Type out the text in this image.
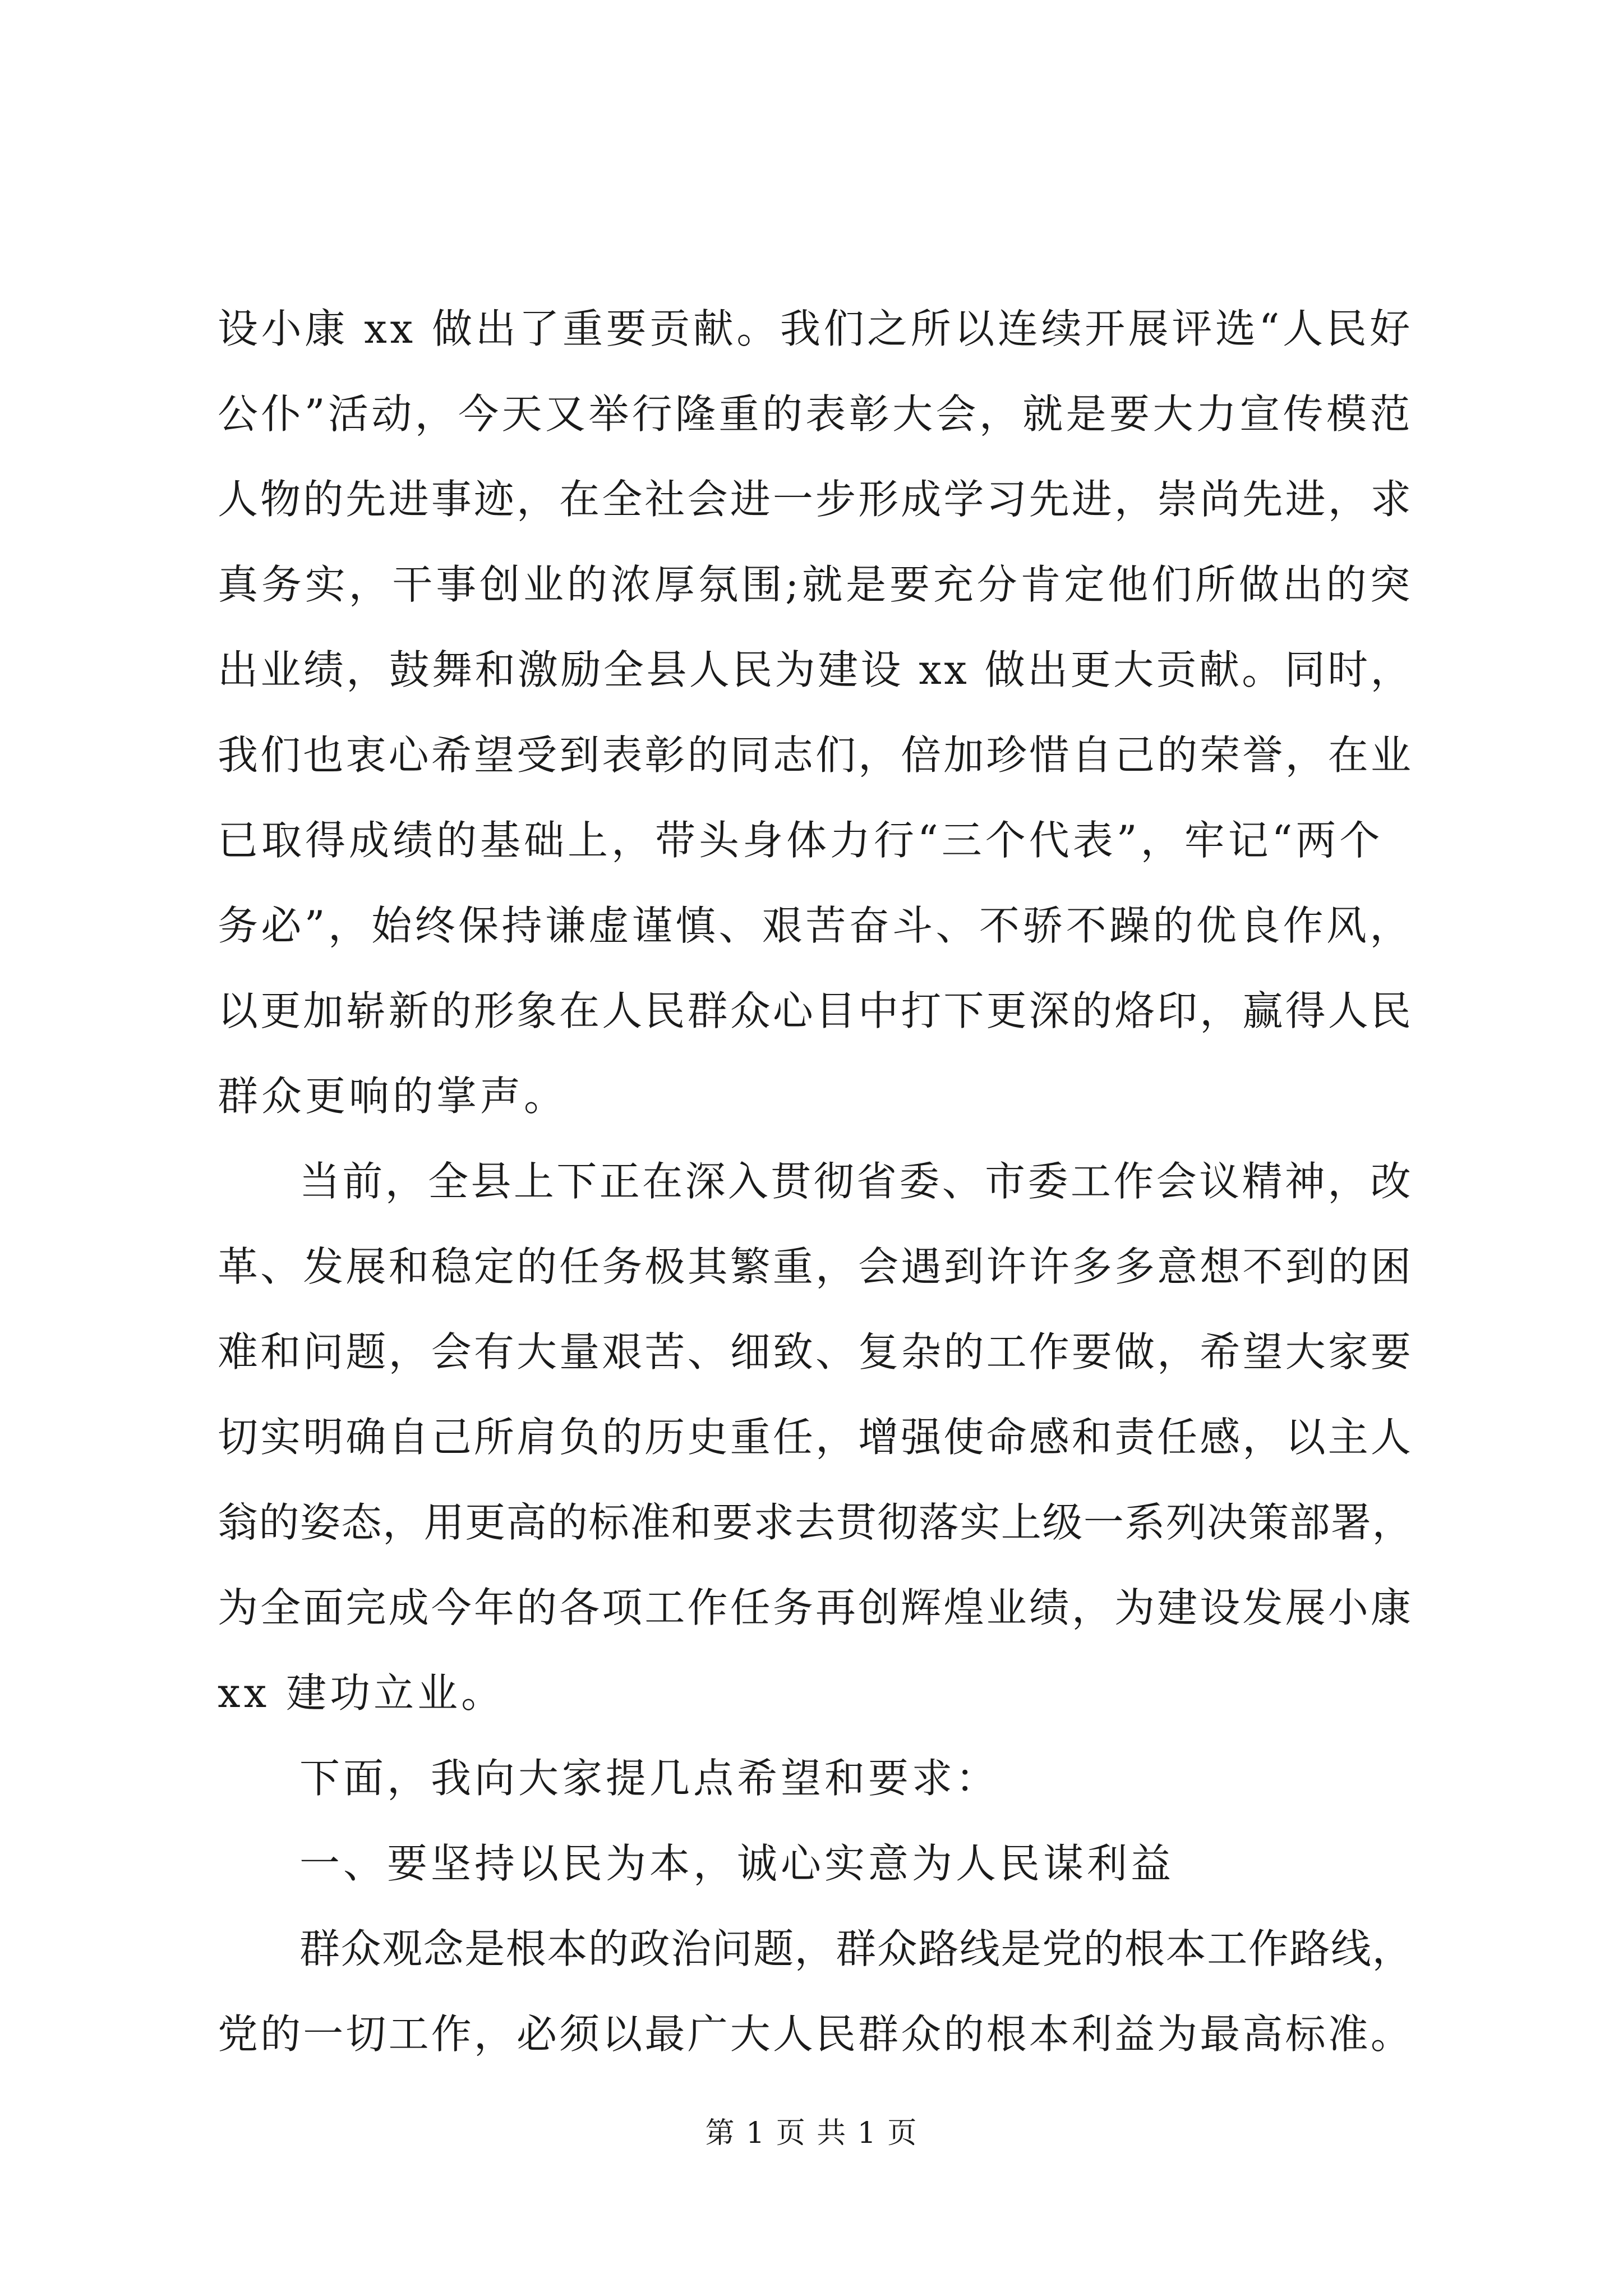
设小康 xx 做出了重要贡献。我们之所以连续开展评选“人民好
公仆”活动，今天又举行隆重的表彰大会，就是要大力宣传模范
人物的先进事迹，在全社会进一步形成学习先进，崇尚先进，求
真务实，干事创业的浓厚氛围;就是要充分肯定他们所做出的突
出业绩，鼓舞和激励全县人民为建设 xx 做出更大贡献。同时，
我们也衷心希望受到表彰的同志们，倍加珍惜自己的荣誉，在业
已取得成绩的基础上，带头身体力行“三个代表”，牢记“两个
务必”，始终保持谦虚谨慎、艰苦奋斗、不骄不躁的优良作风，
以更加崭新的形象在人民群众心目中打下更深的烙印，赢得人民
群众更响的掌声。
当前，全县上下正在深入贯彻省委、市委工作会议精神，改
革、发展和稳定的任务极其繁重，会遇到许许多多意想不到的困
难和问题，会有大量艰苦、细致、复杂的工作要做，希望大家要
切实明确自己所肩负的历史重任，增强使命感和责任感，以主人
翁的姿态，用更高的标准和要求去贯彻落实上级一系列决策部署，
为全面完成今年的各项工作任务再创辉煌业绩，为建设发展小康
xx 建功立业。
下面，我向大家提几点希望和要求：
一、要坚持以民为本，诚心实意为人民谋利益
群众观念是根本的政治问题，群众路线是党的根本工作路线，
党的一切工作，必须以最广大人民群众的根本利益为最高标准。
第 1 页 共 1 页
